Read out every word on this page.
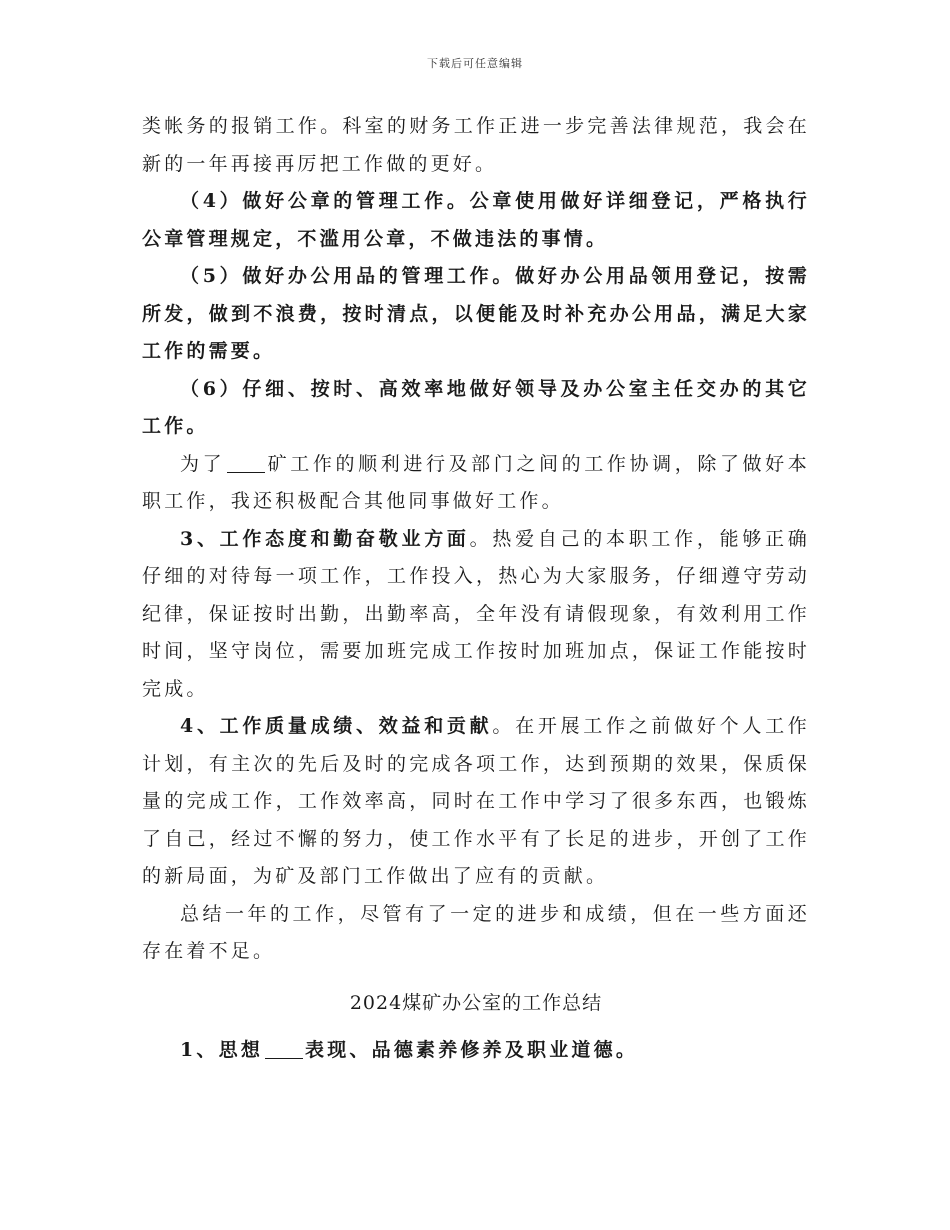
下载后可任意编辑

类帐务的报销工作。科室的财务工作正进一步完善法律规范，我会在新的一年再接再厉把工作做的更好。

（4）做好公章的管理工作。公章使用做好详细登记，严格执行公章管理规定，不滥用公章，不做违法的事情。

（5）做好办公用品的管理工作。做好办公用品领用登记，按需所发，做到不浪费，按时清点，以便能及时补充办公用品，满足大家工作的需要。

（6）仔细、按时、高效率地做好领导及办公室主任交办的其它工作。

为了 矿工作的顺利进行及部门之间的工作协调，除了做好本职工作，我还积极配合其他同事做好工作。

3、工作态度和勤奋敬业方面。热爱自己的本职工作，能够正确仔细的对待每一项工作，工作投入，热心为大家服务，仔细遵守劳动纪律，保证按时出勤，出勤率高，全年没有请假现象，有效利用工作时间，坚守岗位，需要加班完成工作按时加班加点，保证工作能按时完成。

4、工作质量成绩、效益和贡献。在开展工作之前做好个人工作计划，有主次的先后及时的完成各项工作，达到预期的效果，保质保量的完成工作，工作效率高，同时在工作中学习了很多东西，也锻炼了自己，经过不懈的努力，使工作水平有了长足的进步，开创了工作的新局面，为矿及部门工作做出了应有的贡献。

总结一年的工作，尽管有了一定的进步和成绩，但在一些方面还存在着不足。

2024煤矿办公室的工作总结

1、思想 表现、品德素养修养及职业道德。
